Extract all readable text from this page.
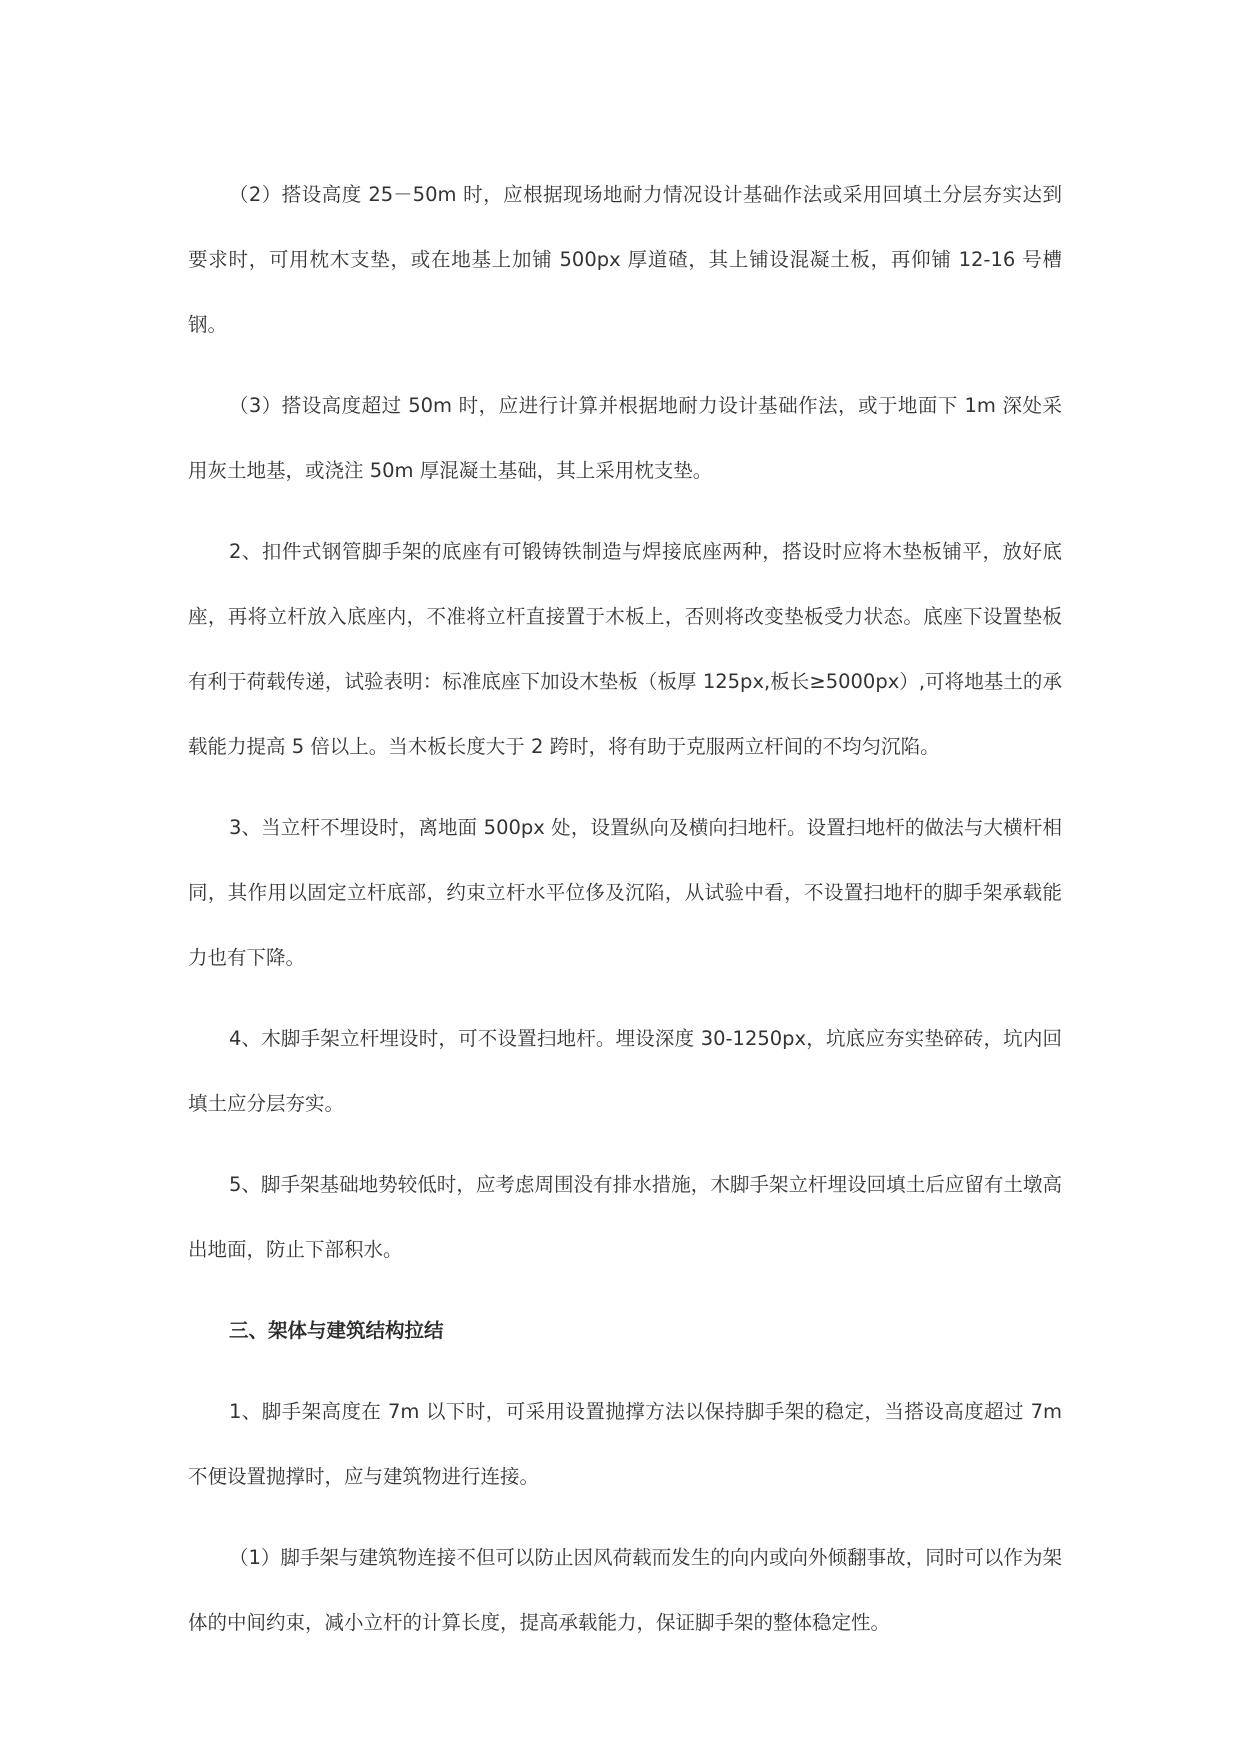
（2）搭设高度 25－50m 时，应根据现场地耐力情况设计基础作法或采用回填土分层夯实达到要求时，可用枕木支垫，或在地基上加铺 500px 厚道碴，其上铺设混凝土板，再仰铺 12-16 号槽钢。

（3）搭设高度超过 50m 时，应进行计算并根据地耐力设计基础作法，或于地面下 1m 深处采用灰土地基，或浇注 50m 厚混凝土基础，其上采用枕支垫。

2、扣件式钢管脚手架的底座有可锻铸铁制造与焊接底座两种，搭设时应将木垫板铺平，放好底座，再将立杆放入底座内，不准将立杆直接置于木板上，否则将改变垫板受力状态。底座下设置垫板有利于荷载传递，试验表明：标准底座下加设木垫板（板厚 125px,板长≥5000px）,可将地基土的承载能力提高 5 倍以上。当木板长度大于 2 跨时，将有助于克服两立杆间的不均匀沉陷。

3、当立杆不埋设时，离地面 500px 处，设置纵向及横向扫地杆。设置扫地杆的做法与大横杆相同，其作用以固定立杆底部，约束立杆水平位侈及沉陷，从试验中看，不设置扫地杆的脚手架承载能力也有下降。

4、木脚手架立杆埋设时，可不设置扫地杆。埋设深度 30-1250px，坑底应夯实垫碎砖，坑内回填土应分层夯实。

5、脚手架基础地势较低时，应考虑周围没有排水措施，木脚手架立杆埋设回填土后应留有土墩高出地面，防止下部积水。

三、架体与建筑结构拉结

1、脚手架高度在 7m 以下时，可采用设置抛撑方法以保持脚手架的稳定，当搭设高度超过 7m 不便设置抛撑时，应与建筑物进行连接。

（1）脚手架与建筑物连接不但可以防止因风荷载而发生的向内或向外倾翻事故，同时可以作为架体的中间约束，减小立杆的计算长度，提高承载能力，保证脚手架的整体稳定性。
